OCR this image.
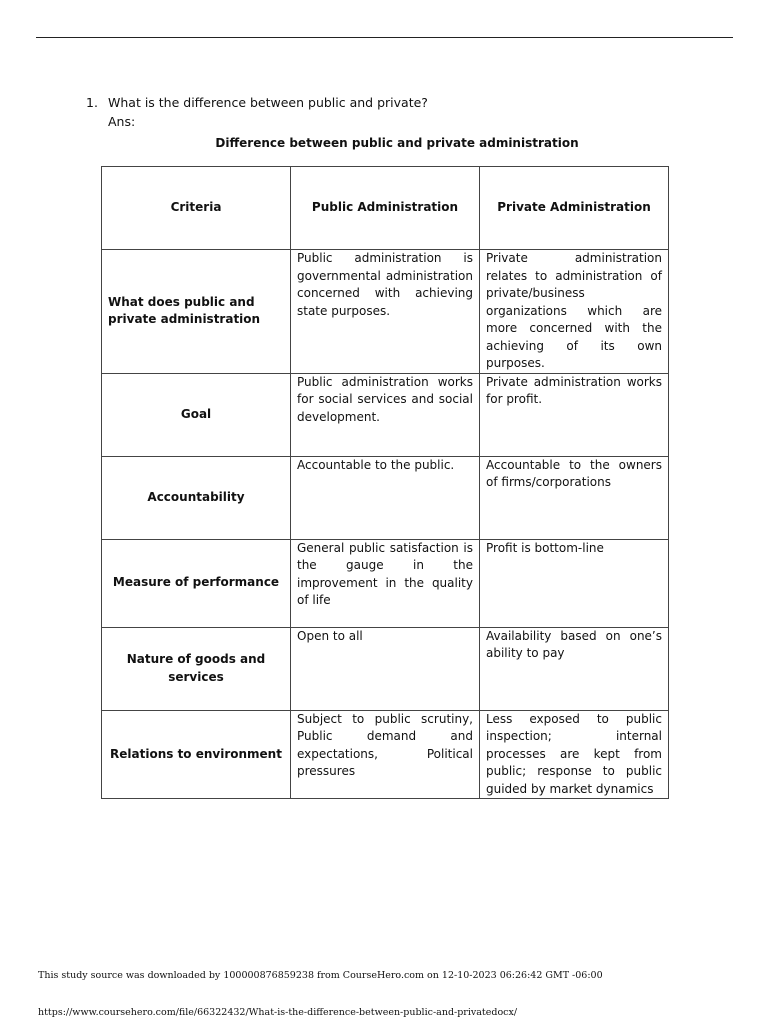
1. What is the difference between public and private?
Ans:
Difference between public and private administration
Criteria	Public Administration	Private Administration
What does public and private administration	Public administration is governmental administration concerned with achieving state purposes.	Private administration relates to administration of private/business organizations which are more concerned with the achieving of its own purposes.
Goal	Public administration works for social services and social development.	Private administration works for profit.
Accountability	Accountable to the public.	Accountable to the owners of firms/corporations
Measure of performance	General public satisfaction is the gauge in the improvement in the quality of life	Profit is bottom-line
Nature of goods and services	Open to all	Availability based on one’s ability to pay
Relations to environment	Subject to public scrutiny, Public demand and expectations, Political pressures	Less exposed to public inspection; internal processes are kept from public; response to public guided by market dynamics
This study source was downloaded by 100000876859238 from CourseHero.com on 12-10-2023 06:26:42 GMT -06:00
https://www.coursehero.com/file/66322432/What-is-the-difference-between-public-and-privatedocx/
